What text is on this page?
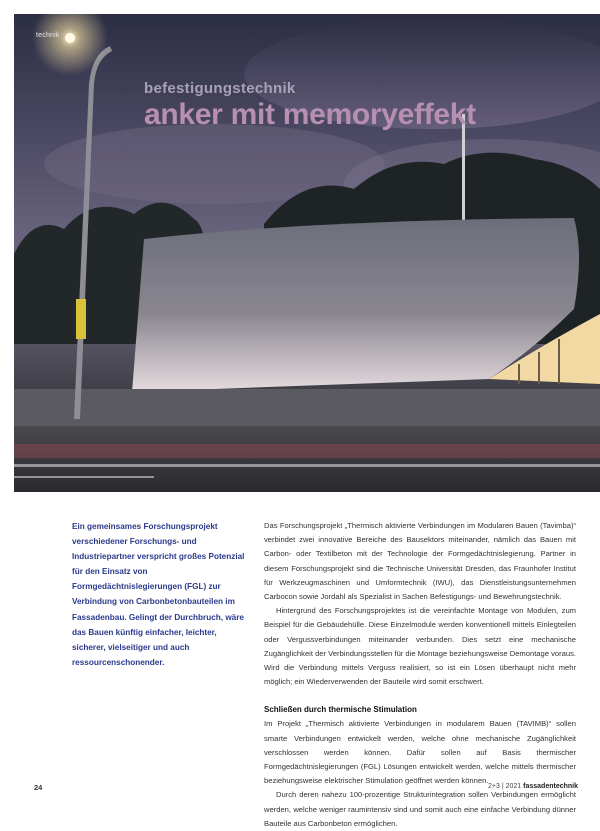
technik
befestigungstechnik
anker mit memoryeffekt

Ein gemeinsames Forschungsprojekt verschiedener Forschungs- und Industriepartner verspricht großes Potenzial für den Einsatz von Formgedächtnislegierungen (FGL) zur Verbindung von Carbonbetonbauteilen im Fassadenbau. Gelingt der Durchbruch, wäre das Bauen künftig einfacher, leichter, sicherer, vielseitiger und auch ressourcenschonender.

Das Forschungsprojekt „Thermisch aktivierte Verbindungen im Modularen Bauen (Tavimba)“ verbindet zwei innovative Bereiche des Bausektors miteinander, nämlich das Bauen mit Carbon- oder Textilbeton mit der Technologie der Formgedächtnislegierung. Partner in diesem Forschungsprojekt sind die Technische Universität Dresden, das Fraunhofer Institut für Werkzeugmaschinen und Umformtechnik (IWU), das Dienstleistungsunternehmen Carbocon sowie Jordahl als Spezialist in Sachen Befestigungs- und Bewehrungstechnik.

Hintergrund des Forschungsprojektes ist die vereinfachte Montage von Modulen, zum Beispiel für die Gebäudehülle. Diese Einzelmodule werden konventionell mittels Einlegteilen oder Vergussverbindungen miteinander verbunden. Dies setzt eine mechanische Zugänglichkeit der Verbindungsstellen für die Montage beziehungsweise Demontage voraus. Wird die Verbindung mittels Verguss realisiert, so ist ein Lösen überhaupt nicht mehr möglich; ein Wiederverwenden der Bauteile wird somit erschwert.

Schließen durch thermische Stimulation

Im Projekt „Thermisch aktivierte Verbindungen in modularem Bauen (TAVIMB)“ sollen smarte Verbindungen entwickelt werden, welche ohne mechanische Zugänglichkeit verschlossen werden können. Dafür sollen auf Basis thermischer Formgedächtnislegierungen (FGL) Lösungen entwickelt werden, welche mittels thermischer beziehungsweise elektrischer Stimulation geöffnet werden können.

Durch deren nahezu 100-prozentige Strukturintegration sollen Verbindungen ermöglicht werden, welche weniger raumintensiv sind und somit auch eine einfache Verbindung dünner Bauteile aus Carbonbeton ermöglichen.

24	2+3 | 2021 fassadentechnik
